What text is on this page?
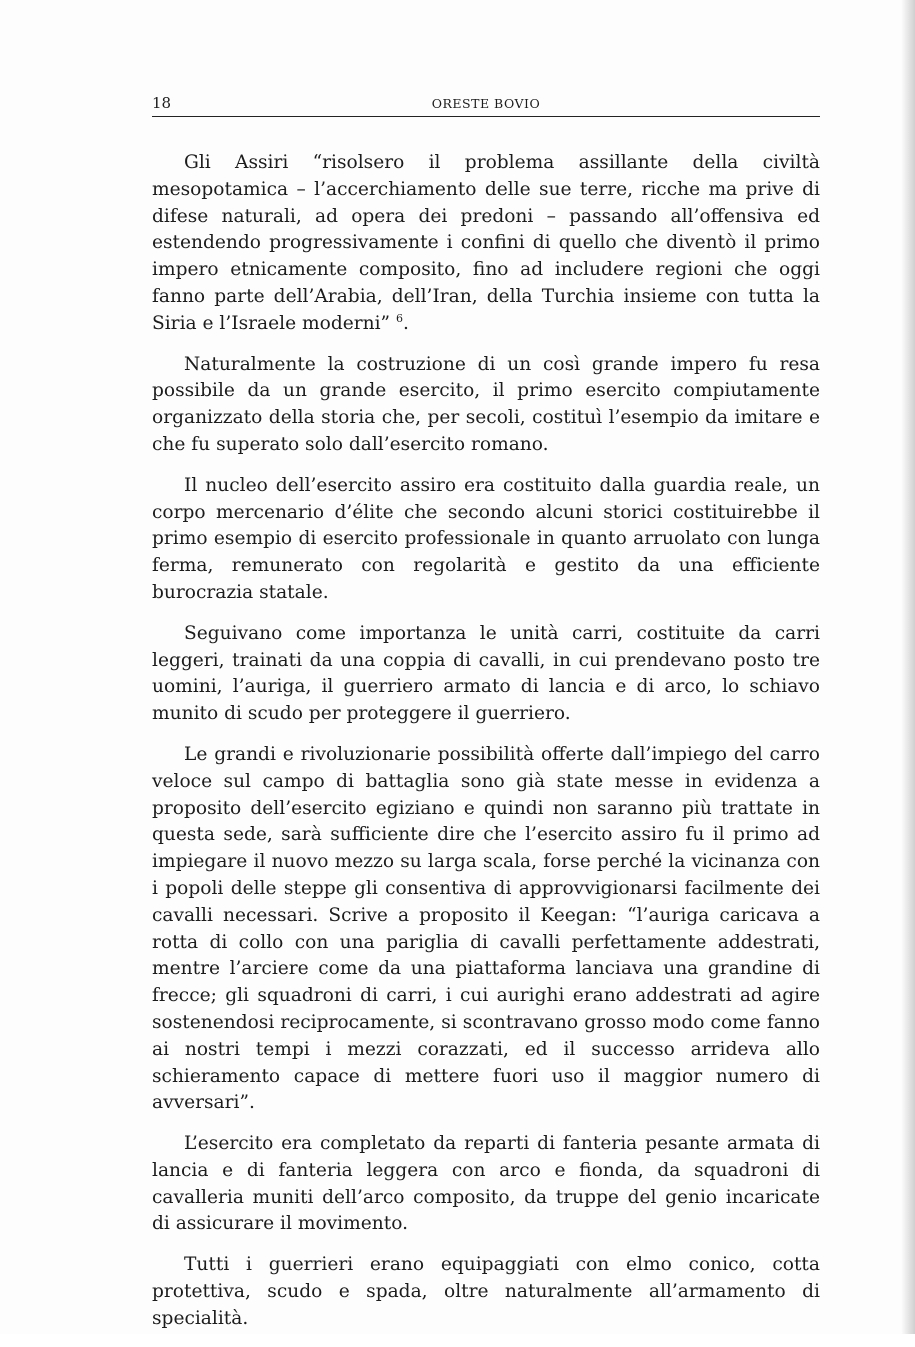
18	ORESTE BOVIO

Gli Assiri “risolsero il problema assillante della civiltà mesopotamica – l’accerchiamento delle sue terre, ricche ma prive di difese naturali, ad opera dei predoni – passando all’offensiva ed estendendo progressivamente i confini di quello che diventò il primo impero etnicamente composito, fino ad includere regioni che oggi fanno parte dell’Arabia, dell’Iran, della Turchia insieme con tutta la Siria e l’Israele moderni” $^6$.

Naturalmente la costruzione di un così grande impero fu resa possibile da un grande esercito, il primo esercito compiutamente organizzato della storia che, per secoli, costituì l’esempio da imitare e che fu superato solo dall’esercito romano.

Il nucleo dell’esercito assiro era costituito dalla guardia reale, un corpo mercenario d’élite che secondo alcuni storici costituirebbe il primo esempio di esercito professionale in quanto arruolato con lunga ferma, remunerato con regolarità e gestito da una efficiente burocrazia statale.

Seguivano come importanza le unità carri, costituite da carri leggeri, trainati da una coppia di cavalli, in cui prendevano posto tre uomini, l’auriga, il guerriero armato di lancia e di arco, lo schiavo munito di scudo per proteggere il guerriero.

Le grandi e rivoluzionarie possibilità offerte dall’impiego del carro veloce sul campo di battaglia sono già state messe in evidenza a proposito dell’esercito egiziano e quindi non saranno più trattate in questa sede, sarà sufficiente dire che l’esercito assiro fu il primo ad impiegare il nuovo mezzo su larga scala, forse perché la vicinanza con i popoli delle steppe gli consentiva di approvvigionarsi facilmente dei cavalli necessari. Scrive a proposito il Keegan: “l’auriga caricava a rotta di collo con una pariglia di cavalli perfettamente addestrati, mentre l’arciere come da una piattaforma lanciava una grandine di frecce; gli squadroni di carri, i cui aurighi erano addestrati ad agire sostenendosi reciprocamente, si scontravano grosso modo come fanno ai nostri tempi i mezzi corazzati, ed il successo arrideva allo schieramento capace di mettere fuori uso il maggior numero di avversari”.

L’esercito era completato da reparti di fanteria pesante armata di lancia e di fanteria leggera con arco e fionda, da squadroni di cavalleria muniti dell’arco composito, da truppe del genio incaricate di assicurare il movimento.

Tutti i guerrieri erano equipaggiati con elmo conico, cotta protettiva, scudo e spada, oltre naturalmente all’armamento di specialità.
